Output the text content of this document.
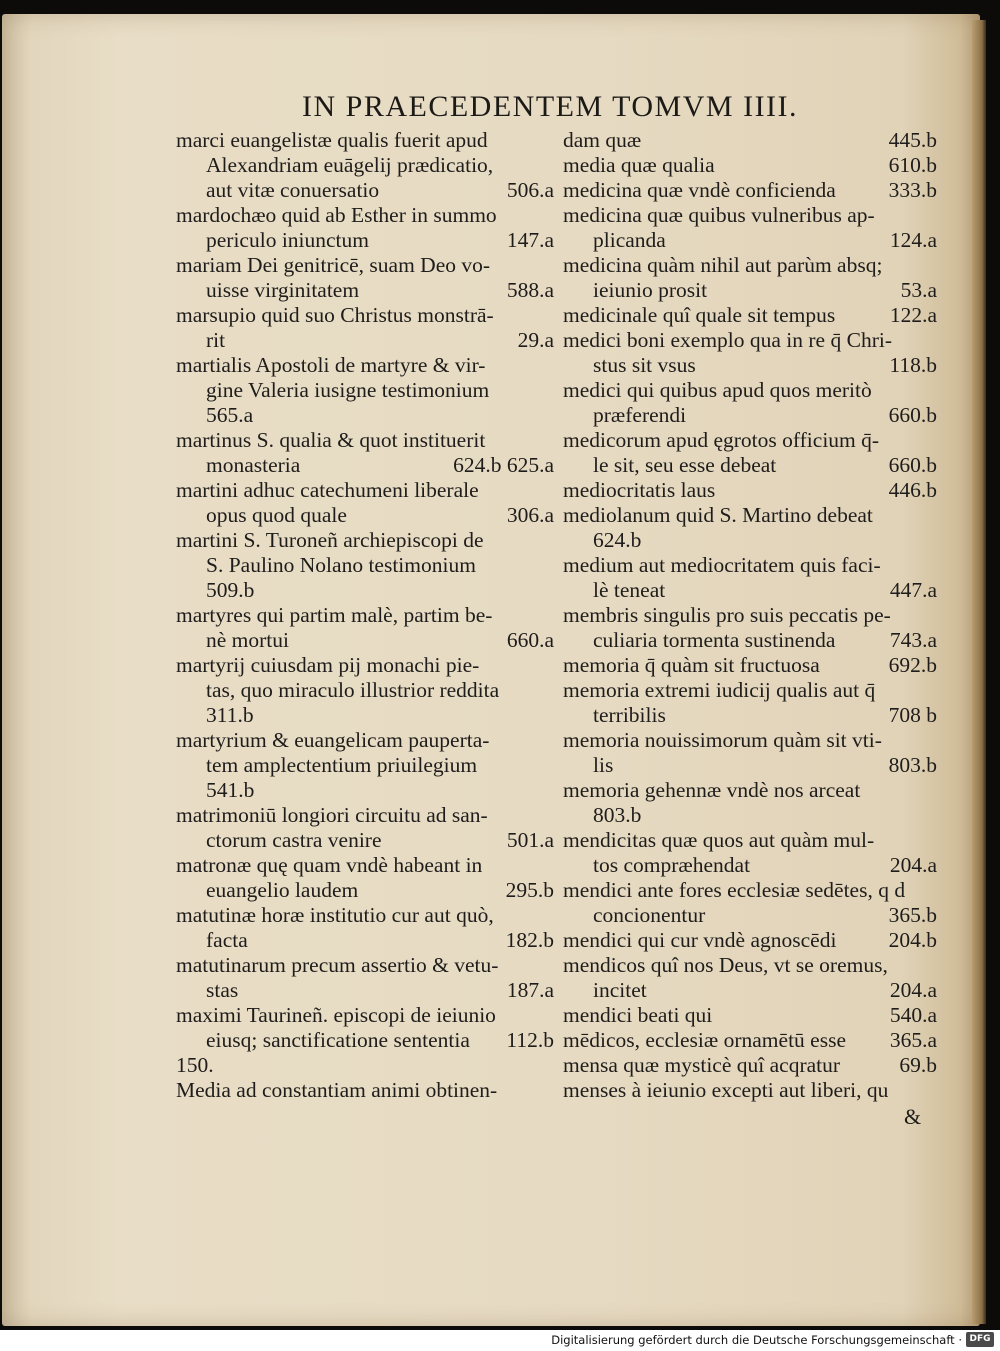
IN PRAECEDENTEM TOMVM IIII.
marci euangelistæ qualis fuerit apud
Alexandriam euāgelij prædicatio,
aut vitæ conuersatio	506.a
mardochæo quid ab Esther in summo
periculo iniunctum	147.a
mariam Dei genitricē, suam Deo vo-
uisse virginitatem	588.a
marsupio quid suo Christus monstrā-
rit	29.a
martialis Apostoli de martyre & vir-
gine Valeria iusigne testimonium
565.a
martinus S. qualia & quot instituerit
monasteria	624.b 625.a
martini adhuc catechumeni liberale
opus quod quale	306.a
martini S. Turoneñ archiepiscopi de
S. Paulino Nolano testimonium
509.b
martyres qui partim malè, partim be-
nè mortui	660.a
martyrij cuiusdam pij monachi pie-
tas, quo miraculo illustrior reddita
311.b
martyrium & euangelicam pauperta-
tem amplectentium priuilegium
541.b
matrimoniū longiori circuitu ad san-
ctorum castra venire	501.a
matronæ quę quam vndè habeant in
euangelio laudem	295.b
matutinæ horæ institutio cur aut quò,
facta	182.b
matutinarum precum assertio & vetu-
stas	187.a
maximi Taurineñ. episcopi de ieiunio
eiusq; sanctificatione sententia 112.b
150.
Media ad constantiam animi obtinen-
dam quæ	445.b
media quæ qualia	610.b
medicina quæ vndè conficienda 333.b
medicina quæ quibus vulneribus ap-
plicanda	124.a
medicina quàm nihil aut parùm absq;
ieiunio prosit	53.a
medicinale quî quale sit tempus	122.a
medici boni exemplo qua in re q̄ Chri-
stus sit vsus	118.b
medici qui quibus apud quos meritò
præferendi	660.b
medicorum apud ęgrotos officium q̄-
le sit, seu esse debeat	660.b
mediocritatis laus	446.b
mediolanum quid S. Martino debeat
624.b
medium aut mediocritatem quis faci-
lè teneat	447.a
membris singulis pro suis peccatis pe-
culiaria tormenta sustinenda	743.a
memoria q̄ quàm sit fructuosa	692.b
memoria extremi iudicij qualis aut q̄
terribilis	708 b
memoria nouissimorum quàm sit vti-
lis	803.b
memoria gehennæ vndè nos arceat
803.b
mendicitas quæ quos aut quàm mul-
tos compræhendat	204.a
mendici ante fores ecclesiæ sedētes, q d
concionentur	365.b
mendici qui cur vndè agnoscēdi 204.b
mendicos quî nos Deus, vt se oremus,
incitet	204.a
mendici beati qui	540.a
mēdicos, ecclesiæ ornamētū esse 365.a
mensa quæ mysticè quî acqratur	69.b
menses à ieiunio excepti aut liberi, qu
&
Digitalisierung gefördert durch die Deutsche Forschungsgemeinschaft · DFG
